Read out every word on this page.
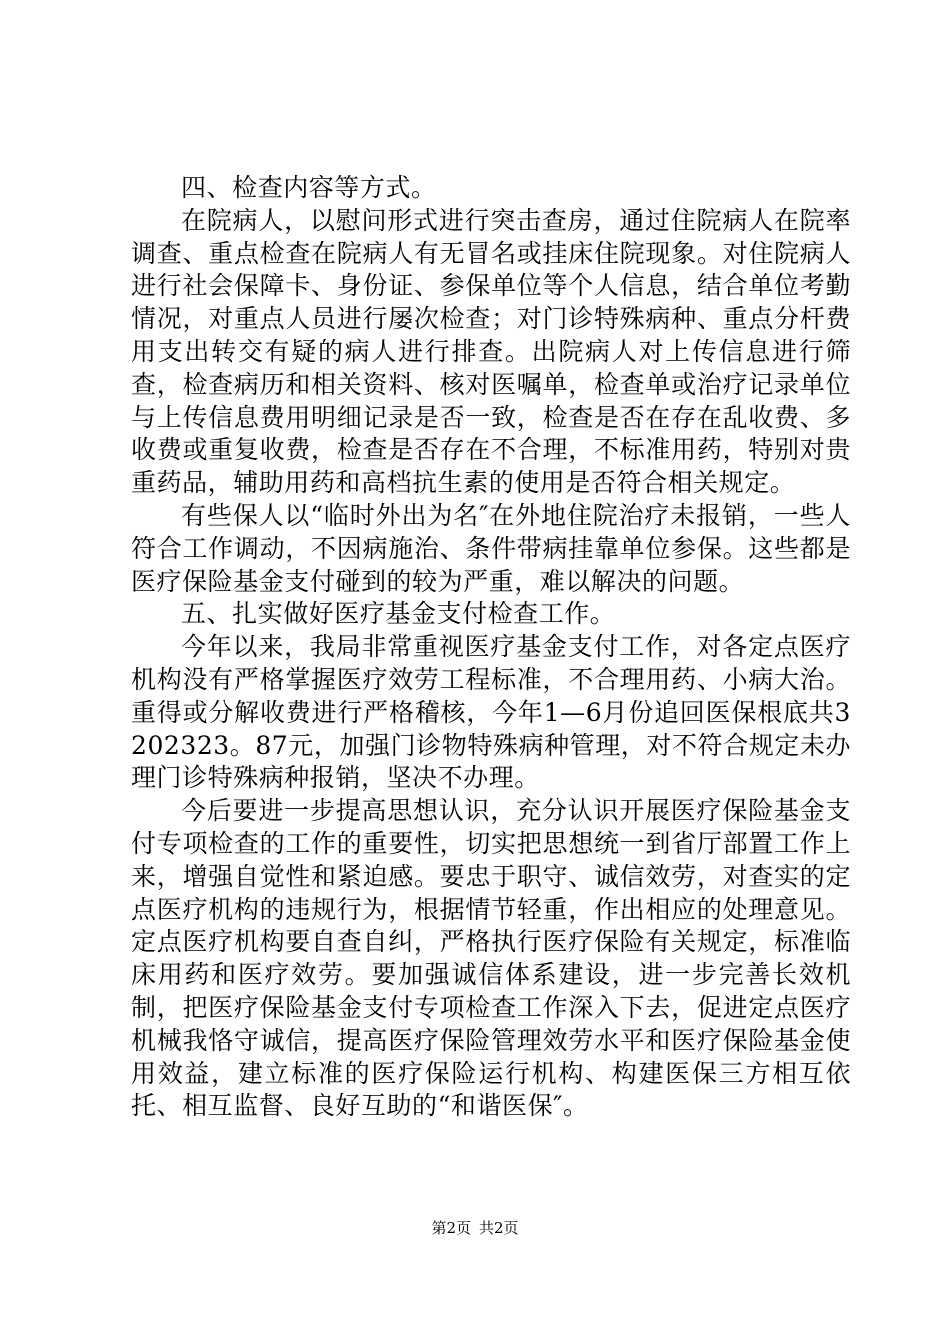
四、检查内容等方式。

在院病人，以慰问形式进行突击查房，通过住院病人在院率调查、重点检查在院病人有无冒名或挂床住院现象。对住院病人进行社会保障卡、身份证、参保单位等个人信息，结合单位考勤情况，对重点人员进行屡次检查；对门诊特殊病种、重点分杆费用支出转交有疑的病人进行排查。出院病人对上传信息进行筛查，检查病历和相关资料、核对医嘱单，检查单或治疗记录单位与上传信息费用明细记录是否一致，检查是否在存在乱收费、多收费或重复收费，检查是否存在不合理，不标准用药，特别对贵重药品，辅助用药和高档抗生素的使用是否符合相关规定。

有些保人以“临时外出为名″在外地住院治疗未报销，一些人符合工作调动，不因病施治、条件带病挂靠单位参保。这些都是医疗保险基金支付碰到的较为严重，难以解决的问题。

五、扎实做好医疗基金支付检查工作。

今年以来，我局非常重视医疗基金支付工作，对各定点医疗机构没有严格掌握医疗效劳工程标准，不合理用药、小病大治。重得或分解收费进行严格稽核，今年1—6月份追回医保根底共3202323。87元，加强门诊物特殊病种管理，对不符合规定未办理门诊特殊病种报销，坚决不办理。

今后要进一步提高思想认识，充分认识开展医疗保险基金支付专项检查的工作的重要性，切实把思想统一到省厅部置工作上来，增强自觉性和紧迫感。要忠于职守、诚信效劳，对查实的定点医疗机构的违规行为，根据情节轻重，作出相应的处理意见。定点医疗机构要自查自纠，严格执行医疗保险有关规定，标准临床用药和医疗效劳。要加强诚信体系建设，进一步完善长效机制，把医疗保险基金支付专项检查工作深入下去，促进定点医疗机械我恪守诚信，提高医疗保险管理效劳水平和医疗保险基金使用效益，建立标准的医疗保险运行机构、构建医保三方相互依托、相互监督、良好互助的“和谐医保″。

第2页 共2页
